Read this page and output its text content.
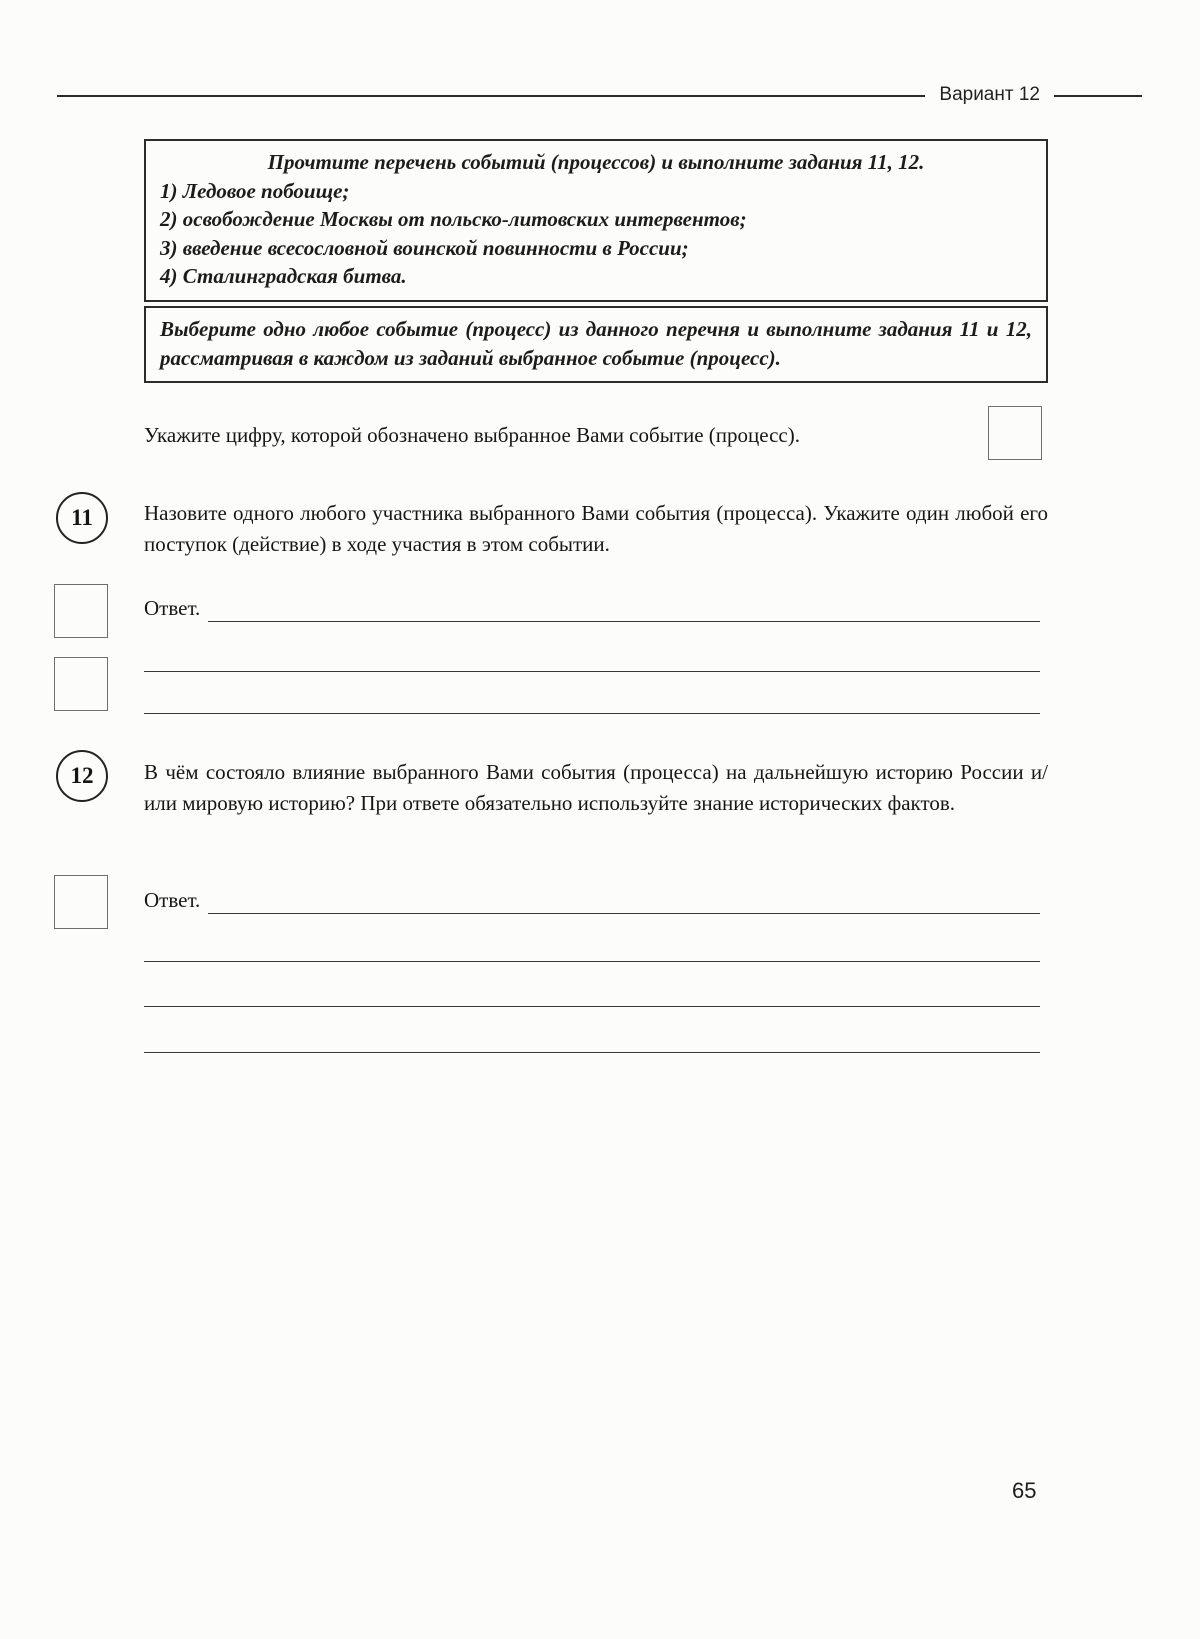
Вариант 12
Прочтите перечень событий (процессов) и выполните задания 11, 12.
1) Ледовое побоище;
2) освобождение Москвы от польско-литовских интервентов;
3) введение всесословной воинской повинности в России;
4) Сталинградская битва.
Выберите одно любое событие (процесс) из данного перечня и выполните задания 11 и 12, рассматривая в каждом из заданий выбранное событие (процесс).
Укажите цифру, которой обозначено выбранное Вами событие (процесс).
11 Назовите одного любого участника выбранного Вами события (процесса). Укажите один любой его поступок (действие) в ходе участия в этом событии.
Ответ.
12 В чём состояло влияние выбранного Вами события (процесса) на дальнейшую историю России и/или мировую историю? При ответе обязательно используйте знание исторических фактов.
Ответ.
65
